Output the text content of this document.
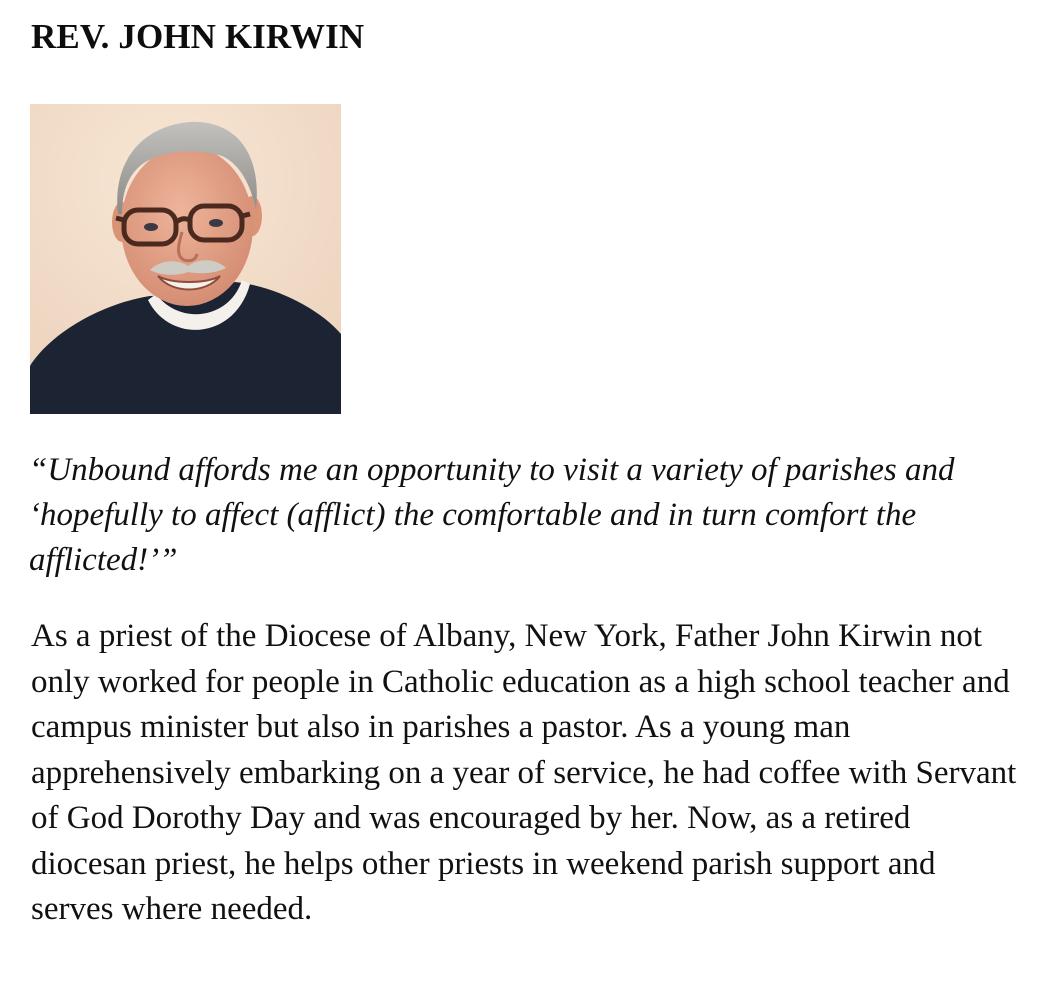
REV. JOHN KIRWIN

“Unbound affords me an opportunity to visit a variety of parishes and ‘hopefully to affect (afflict) the comfortable and in turn comfort the afflicted!’”

As a priest of the Diocese of Albany, New York, Father John Kirwin not only worked for people in Catholic education as a high school teacher and campus minister but also in parishes a pastor. As a young man apprehensively embarking on a year of service, he had coffee with Servant of God Dorothy Day and was encouraged by her. Now, as a retired diocesan priest, he helps other priests in weekend parish support and serves where needed.
